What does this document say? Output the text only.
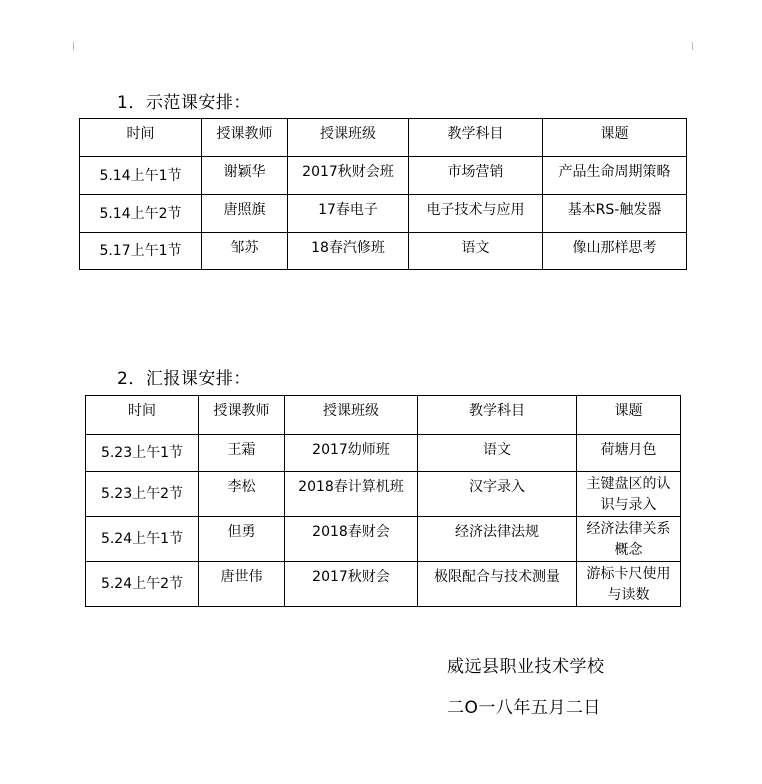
1．示范课安排：
时间	授课教师	授课班级	教学科目	课题
5.14上午1节	谢颖华	2017秋财会班	市场营销	产品生命周期策略
5.14上午2节	唐照旗	17春电子	电子技术与应用	基本RS-触发器
5.17上午1节	邹苏	18春汽修班	语文	像山那样思考
2．汇报课安排：
时间	授课教师	授课班级	教学科目	课题
5.23上午1节	王霜	2017幼师班	语文	荷塘月色
5.23上午2节	李松	2018春计算机班	汉字录入	主键盘区的认识与录入
5.24上午1节	但勇	2018春财会	经济法律法规	经济法律关系概念
5.24上午2节	唐世伟	2017秋财会	极限配合与技术测量	游标卡尺使用与读数
威远县职业技术学校
二O一八年五月二日
